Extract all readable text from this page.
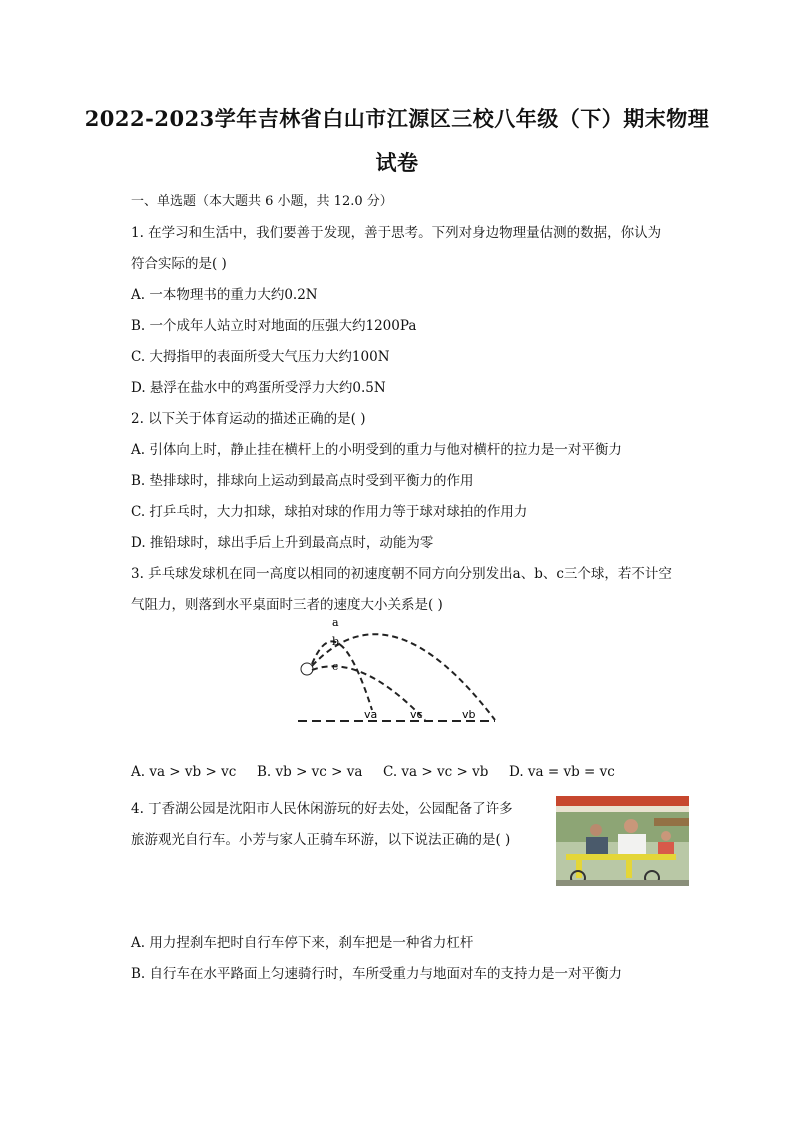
2022-2023学年吉林省白山市江源区三校八年级（下）期末物理
试卷
一、单选题（本大题共 6 小题，共 12.0 分）
1. 在学习和生活中，我们要善于发现，善于思考。下列对身边物理量估测的数据，你认为
符合实际的是( )
A. 一本物理书的重力大约0.2N
B. 一个成年人站立时对地面的压强大约1200Pa
C. 大拇指甲的表面所受大气压力大约100N
D. 悬浮在盐水中的鸡蛋所受浮力大约0.5N
2. 以下关于体育运动的描述正确的是( )
A. 引体向上时，静止挂在横杆上的小明受到的重力与他对横杆的拉力是一对平衡力
B. 垫排球时，排球向上运动到最高点时受到平衡力的作用
C. 打乒乓时，大力扣球，球拍对球的作用力等于球对球拍的作用力
D. 推铅球时，球出手后上升到最高点时，动能为零
3. 乒乓球发球机在同一高度以相同的初速度朝不同方向分别发出a、b、c三个球，若不计空
气阻力，则落到水平桌面时三者的速度大小关系是( )
a
b
c
va	vc	vb
A. va > vb > vc B. vb > vc > va C. va > vc > vb D. va = vb = vc
4. 丁香湖公园是沈阳市人民休闲游玩的好去处，公园配备了许多
旅游观光自行车。小芳与家人正骑车环游，以下说法正确的是( )
A. 用力捏刹车把时自行车停下来，刹车把是一种省力杠杆
B. 自行车在水平路面上匀速骑行时，车所受重力与地面对车的支持力是一对平衡力
